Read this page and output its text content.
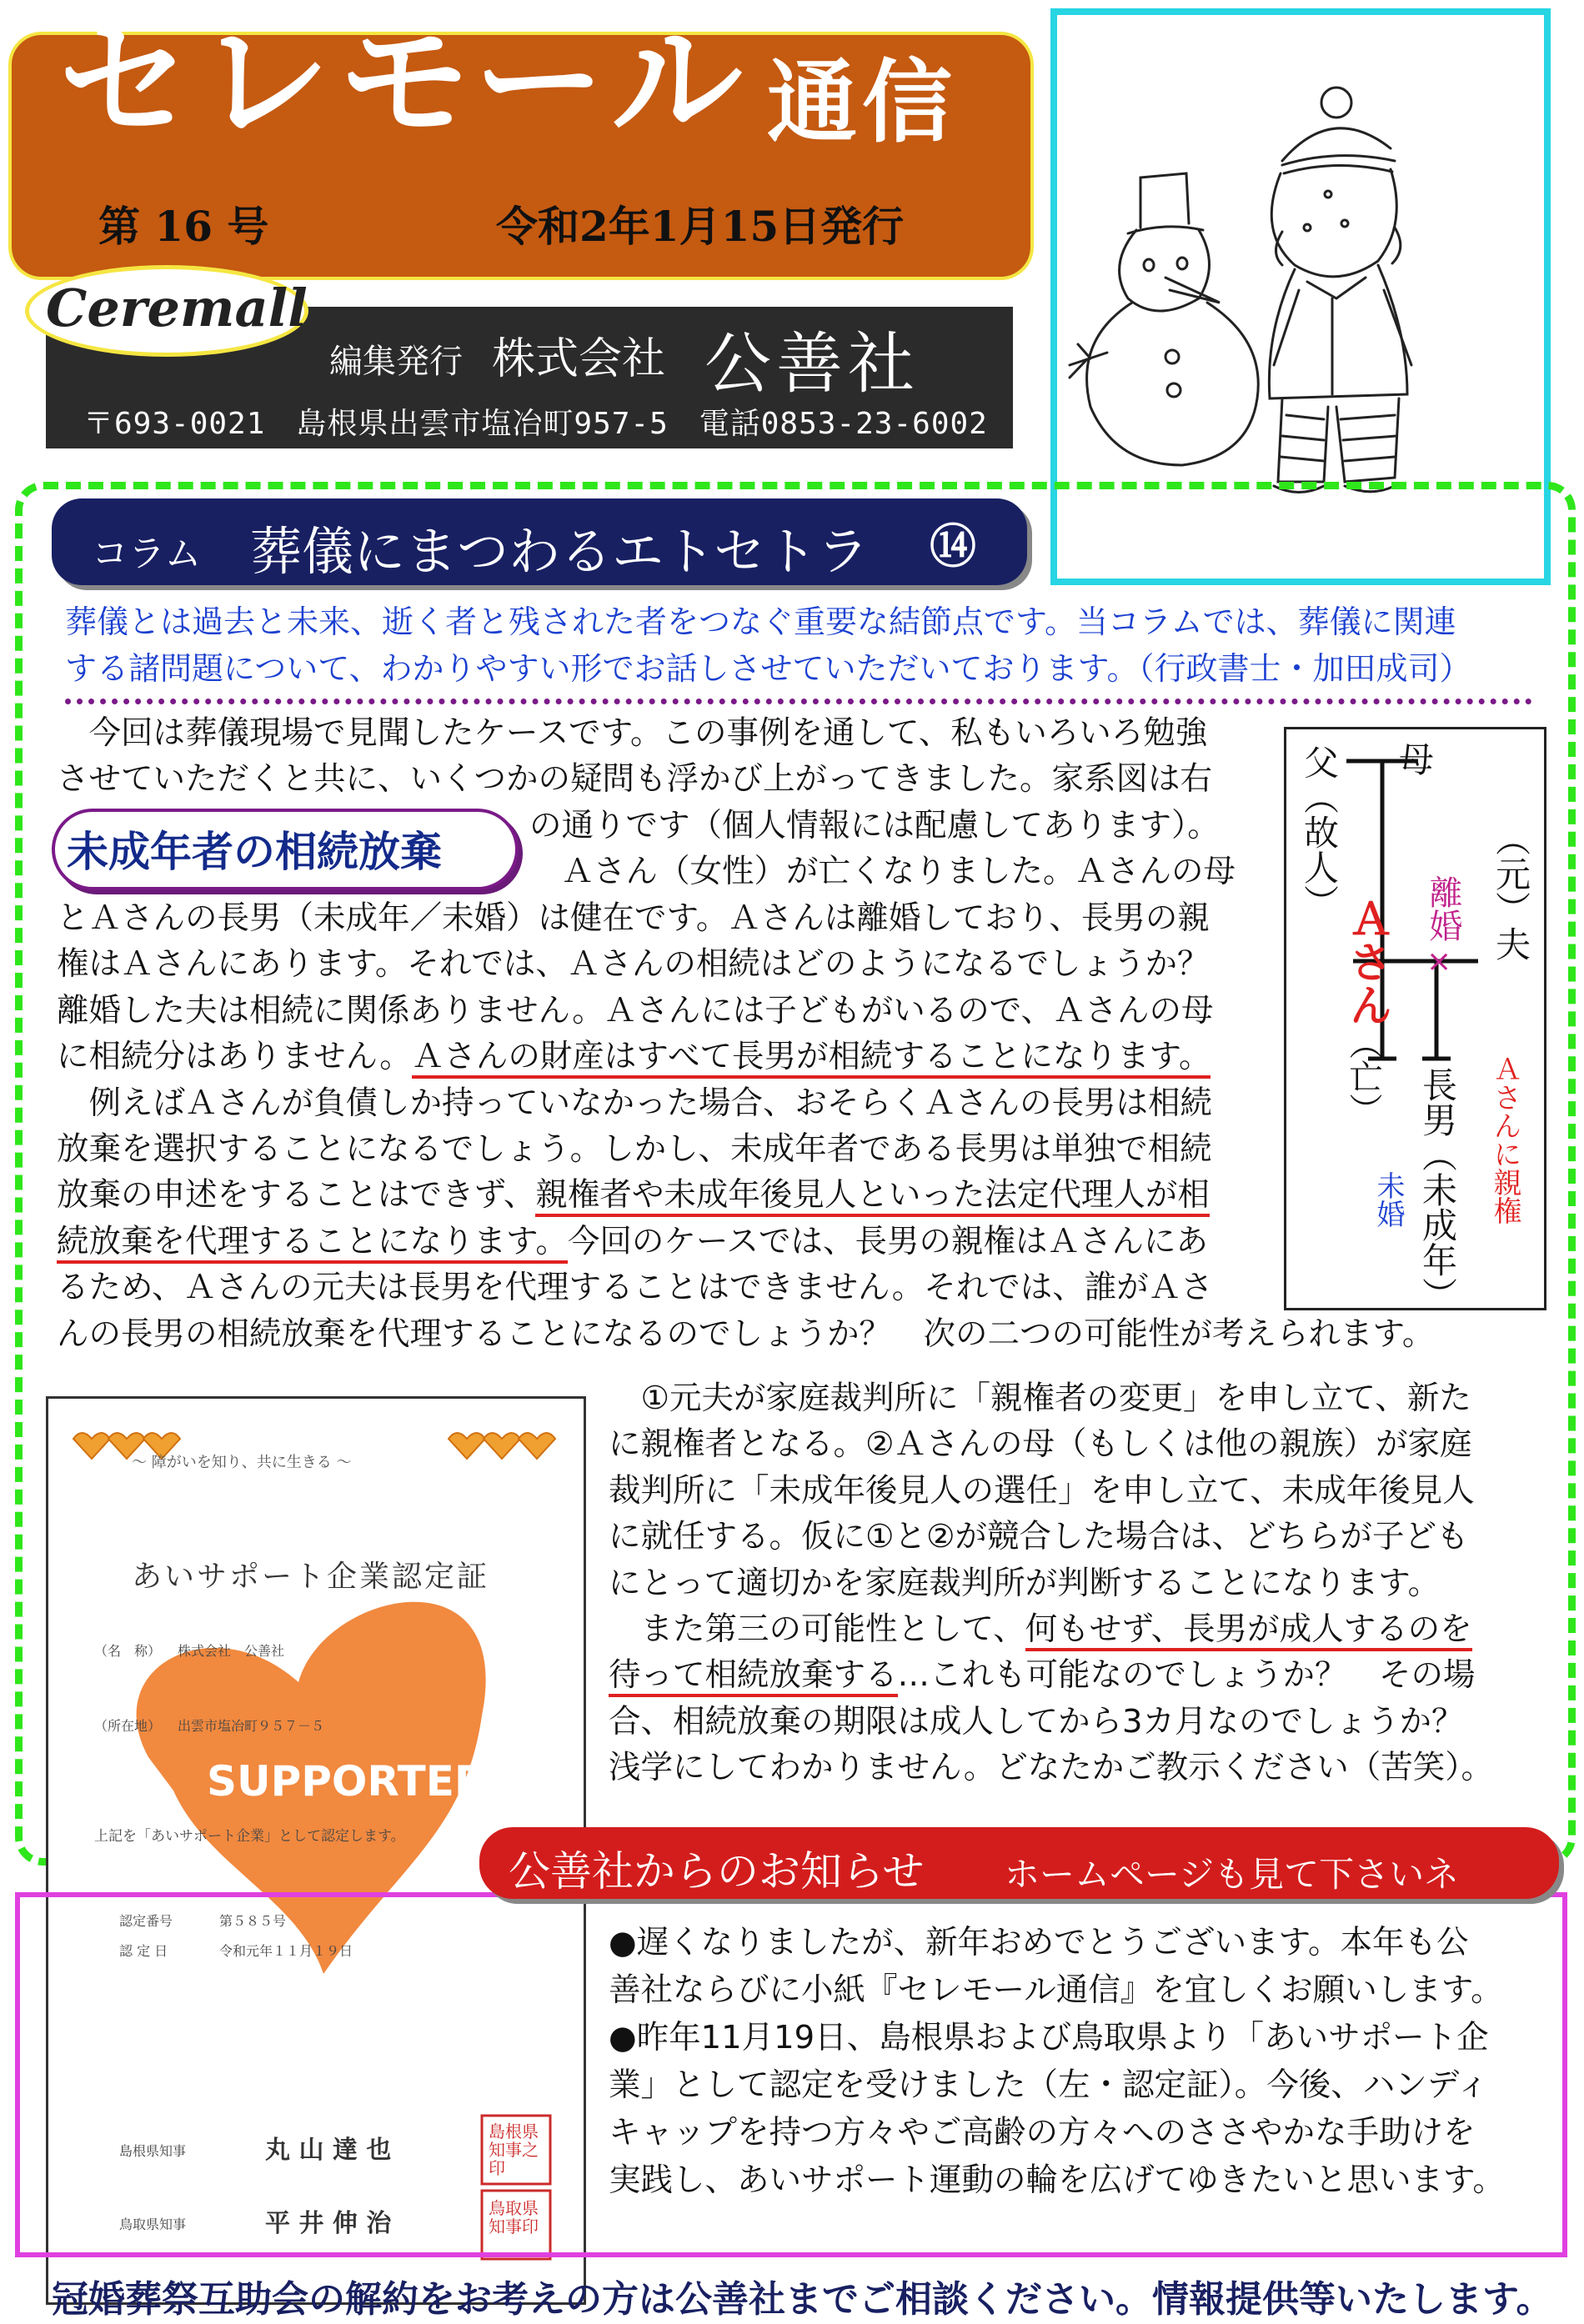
セレモール 通信
第 16 号	令和2年1月15日発行
Ceremall
編集発行 株式会社 公善社
〒693-0021　島根県出雲市塩冶町957-5　電話0853-23-6002
コラム 葬儀にまつわるエトセトラ ⑭
葬儀とは過去と未来、逝く者と残された者をつなぐ重要な結節点です。当コラムでは、葬儀に関連
する諸問題について、わかりやすい形でお話しさせていただいております。（行政書士・加田成司）
　今回は葬儀現場で見聞したケースです。この事例を通して、私もいろいろ勉強
させていただくと共に、いくつかの疑問も浮かび上がってきました。家系図は右
未成年者の相続放棄
の通りです（個人情報には配慮してあります）。
　Ａさん（女性）が亡くなりました。Ａさんの母
とＡさんの長男（未成年／未婚）は健在です。Ａさんは離婚しており、長男の親
権はＡさんにあります。それでは、Ａさんの相続はどのようになるでしょうか？
離婚した夫は相続に関係ありません。Ａさんには子どもがいるので、Ａさんの母
に相続分はありません。Ａさんの財産はすべて長男が相続することになります。
　例えばＡさんが負債しか持っていなかった場合、おそらくＡさんの長男は相続
放棄を選択することになるでしょう。しかし、未成年者である長男は単独で相続
放棄の申述をすることはできず、親権者や未成年後見人といった法定代理人が相
続放棄を代理することになります。今回のケースでは、長男の親権はＡさんにあ
るため、Ａさんの元夫は長男を代理することはできません。それでは、誰がＡさ
んの長男の相続放棄を代理することになるのでしょうか？　次の二つの可能性が考えられます。
父（故人） 母
Ａさん
（亡）
離婚
×
（元）夫
長男（未成年）
未婚	Ａさんに親権
～ 障がいを知り、共に生きる ～
あいサポート企業認定証
（名　称） 株式会社　公善社
（所在地） 出雲市塩冶町９５７－５
SUPPORTER
上記を「あいサポート企業」として認定します。
認定番号	第５８５号
認 定 日	令和元年１１月１９日
島根県知事	丸 山 達 也
鳥取県知事	平 井 伸 治
島根県知事之印
鳥取県知事印
　①元夫が家庭裁判所に「親権者の変更」を申し立て、新た
に親権者となる。②Ａさんの母（もしくは他の親族）が家庭
裁判所に「未成年後見人の選任」を申し立て、未成年後見人
に就任する。仮に①と②が競合した場合は、どちらが子ども
にとって適切かを家庭裁判所が判断することになります。
　また第三の可能性として、何もせず、長男が成人するのを
待って相続放棄する…これも可能なのでしょうか？　その場
合、相続放棄の期限は成人してから3カ月なのでしょうか？
浅学にしてわかりません。どなたかご教示ください（苦笑）。
公善社からのお知らせ ホームページも見て下さいネ
●遅くなりましたが、新年おめでとうございます。本年も公
善社ならびに小紙『セレモール通信』を宜しくお願いします。
●昨年11月19日、島根県および鳥取県より「あいサポート企
業」として認定を受けました（左・認定証）。今後、ハンディ
キャップを持つ方々やご高齢の方々へのささやかな手助けを
実践し、あいサポート運動の輪を広げてゆきたいと思います。
冠婚葬祭互助会の解約をお考えの方は公善社までご相談ください。情報提供等いたします。
